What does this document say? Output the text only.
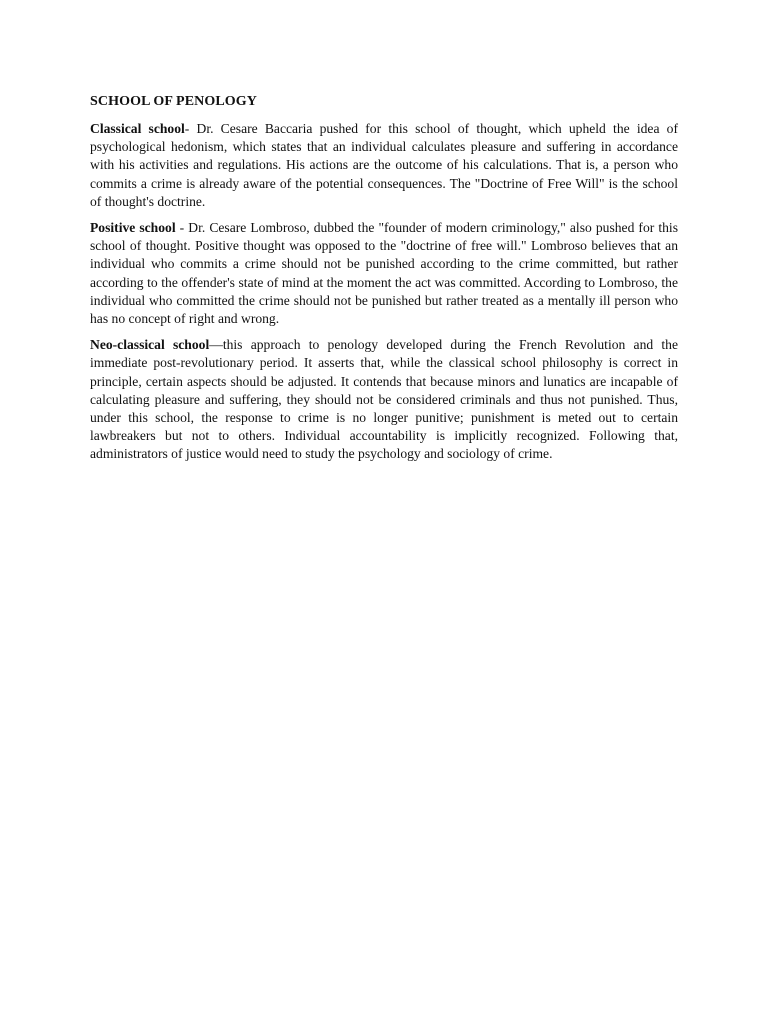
SCHOOL OF PENOLOGY

Classical school- Dr. Cesare Baccaria pushed for this school of thought, which upheld the idea of psychological hedonism, which states that an individual calculates pleasure and suffering in accordance with his activities and regulations. His actions are the outcome of his calculations. That is, a person who commits a crime is already aware of the potential consequences. The "Doctrine of Free Will" is the school of thought's doctrine.

Positive school - Dr. Cesare Lombroso, dubbed the "founder of modern criminology," also pushed for this school of thought. Positive thought was opposed to the "doctrine of free will." Lombroso believes that an individual who commits a crime should not be punished according to the crime committed, but rather according to the offender's state of mind at the moment the act was committed. According to Lombroso, the individual who committed the crime should not be punished but rather treated as a mentally ill person who has no concept of right and wrong.

Neo-classical school—this approach to penology developed during the French Revolution and the immediate post-revolutionary period. It asserts that, while the classical school philosophy is correct in principle, certain aspects should be adjusted. It contends that because minors and lunatics are incapable of calculating pleasure and suffering, they should not be considered criminals and thus not punished. Thus, under this school, the response to crime is no longer punitive; punishment is meted out to certain lawbreakers but not to others. Individual accountability is implicitly recognized. Following that, administrators of justice would need to study the psychology and sociology of crime.
